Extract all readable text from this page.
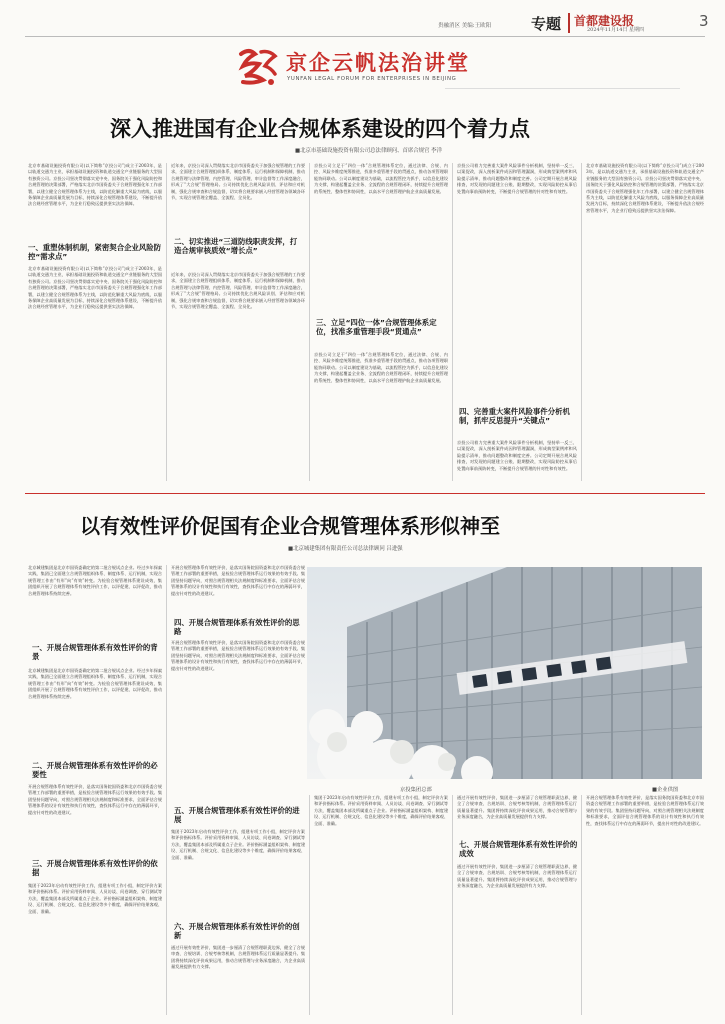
贵融消区 美编:王欧阳	专题 首都建设报
2024年11月14日 星期四	3
京企云帆法治讲堂
YUNFAN LEGAL FORUM FOR ENTERPRISES IN BEIJING
深入推进国有企业合规体系建设的四个着力点
■北京市基础设施投资有限公司总法律顾问、首席合规官 李洋
北京市基础设施投资有限公司(以下简称“京投公司”)成立于2003年，是以轨道交通为主业，承担基础设施投资和轨道交通全产业链服务的大型国有独资公司。京投公司坚决贯彻落实党中央、国务院关于强化风险防控和合规管理的决策部署，严格落实北京市国资委关于合规管理强化年工作部署，以建立健全合规管理体系为主线，以防范化解重大风险为底线，以服务保障企业高质量发展为目标，持续深化合规管理体系建设，不断提升依法合规经营管理水平，为企业行稳致远提供坚实法治保障。
一、重塑体制机制，紧密契合企业风险防控“需求点”
北京市基础设施投资有限公司(以下简称“京投公司”)成立于2003年，是以轨道交通为主业，承担基础设施投资和轨道交通全产业链服务的大型国有独资公司。京投公司坚决贯彻落实党中央、国务院关于强化风险防控和合规管理的决策部署，严格落实北京市国资委关于合规管理强化年工作部署，以建立健全合规管理体系为主线，以防范化解重大风险为底线，以服务保障企业高质量发展为目标，持续深化合规管理体系建设，不断提升依法合规经营管理水平，为企业行稳致远提供坚实法治保障。
近年来，京投公司深入贯彻落实北京市国资委关于加强合规管理的工作要求，全面建立合规管理组织体系、制度体系、运行机制和保障机制，推动合规管理与法律管理、内控管理、风险管理、审计监督等工作深度融合，形成了“大合规”管理格局。公司持续优化合规风险识别、评估和应对机制，强化合规审查和合规监督，切实将合规要求嵌入经营管理各领域各环节，实现合规管理全覆盖、全流程、全员化。
二、切实推进“三道防线职责发挥，打造合规审核质效“增长点”
近年来，京投公司深入贯彻落实北京市国资委关于加强合规管理的工作要求，全面建立合规管理组织体系、制度体系、运行机制和保障机制，推动合规管理与法律管理、内控管理、风险管理、审计监督等工作深度融合，形成了“大合规”管理格局。公司持续优化合规风险识别、评估和应对机制，强化合规审查和合规监督，切实将合规要求嵌入经营管理各领域各环节，实现合规管理全覆盖、全流程、全员化。
京投公司立足于“四位一体”合规管理体系定位，通过法律、合规、内控、风险多维度统筹推进，找准多重管理手段的贯通点，推动各项管理职能协同联动。公司以制度建设为基础，以流程管控为抓手，以信息化建设为支撑，构建起覆盖全业务、全流程的合规管理闭环，持续提升合规管理的系统性、整体性和协同性，以高水平合规管理护航企业高质量发展。
三、立足“四位一体”合规管理体系定位，找准多重管理手段“贯通点”
京投公司立足于“四位一体”合规管理体系定位，通过法律、合规、内控、风险多维度统筹推进，找准多重管理手段的贯通点，推动各项管理职能协同联动。公司以制度建设为基础，以流程管控为抓手，以信息化建设为支撑，构建起覆盖全业务、全流程的合规管理闭环，持续提升合规管理的系统性、整体性和协同性，以高水平合规管理护航企业高质量发展。
京投公司着力完善重大案件风险事件分析机制，坚持举一反三、以案促改，深入剖析案件成因和管理漏洞，形成典型案例库和风险提示清单，推动问题整改和制度完善。公司定期开展合规风险排查，对发现的问题建立台账、限期整改，实现风险防控从事后处置向事前预防转变，不断提升合规管理的针对性和有效性。
四、完善重大案件风险事件分析机制，抓牢反思提升“关键点”
京投公司着力完善重大案件风险事件分析机制，坚持举一反三、以案促改，深入剖析案件成因和管理漏洞，形成典型案例库和风险提示清单，推动问题整改和制度完善。公司定期开展合规风险排查，对发现的问题建立台账、限期整改，实现风险防控从事后处置向事前预防转变，不断提升合规管理的针对性和有效性。
北京市基础设施投资有限公司(以下简称“京投公司”)成立于2003年，是以轨道交通为主业，承担基础设施投资和轨道交通全产业链服务的大型国有独资公司。京投公司坚决贯彻落实党中央、国务院关于强化风险防控和合规管理的决策部署，严格落实北京市国资委关于合规管理强化年工作部署，以建立健全合规管理体系为主线，以防范化解重大风险为底线，以服务保障企业高质量发展为目标，持续深化合规管理体系建设，不断提升依法合规经营管理水平，为企业行稳致远提供坚实法治保障。
以有效性评价促国有企业合规管理体系形似神至
■北京城建集团有限责任公司总法律顾问 吕进强
北京城建集团是北京市国资委确定的第二批合规试点企业。经过多年探索实践，集团已全面建立合规管理组织体系、制度体系、运行机制，实现合规管理工作由“有形”向“有效”转变。为检验合规管理体系建设成效，集团组织开展了合规管理体系有效性评价工作，以评促建、以评促改，推动合规管理体系持续完善。
一、开展合规管理体系有效性评价的背景
北京城建集团是北京市国资委确定的第二批合规试点企业。经过多年探索实践，集团已全面建立合规管理组织体系、制度体系、运行机制，实现合规管理工作由“有形”向“有效”转变。为检验合规管理体系建设成效，集团组织开展了合规管理体系有效性评价工作，以评促建、以评促改，推动合规管理体系持续完善。
二、开展合规管理体系有效性评价的必要性
开展合规管理体系有效性评价，是落实国务院国资委和北京市国资委合规管理工作部署的重要举措，是检验合规管理体系运行效果的有效手段。集团坚持问题导向，对照合规管理相关法规制度和标准要求，全面评估合规管理体系的设计有效性和执行有效性，查找体系运行中存在的薄弱环节，提出针对性的改进建议。
三、开展合规管理体系有效性评价的依据
集团于2023年启动有效性评价工作，组建专项工作小组，制定评价方案和评价指标体系。评价采用资料审阅、人员访谈、问卷调查、穿行测试等方法，覆盖集团本部及所属重点子企业。评价指标涵盖组织架构、制度建设、运行机制、合规文化、信息化建设等多个维度，确保评价结果客观、全面、准确。
开展合规管理体系有效性评价，是落实国务院国资委和北京市国资委合规管理工作部署的重要举措，是检验合规管理体系运行效果的有效手段。集团坚持问题导向，对照合规管理相关法规制度和标准要求，全面评估合规管理体系的设计有效性和执行有效性，查找体系运行中存在的薄弱环节，提出针对性的改进建议。
四、开展合规管理体系有效性评价的思路
开展合规管理体系有效性评价，是落实国务院国资委和北京市国资委合规管理工作部署的重要举措，是检验合规管理体系运行效果的有效手段。集团坚持问题导向，对照合规管理相关法规制度和标准要求，全面评估合规管理体系的设计有效性和执行有效性，查找体系运行中存在的薄弱环节，提出针对性的改进建议。
京投集团总部	■企业供图
五、开展合规管理体系有效性评价的进展
集团于2023年启动有效性评价工作，组建专项工作小组，制定评价方案和评价指标体系。评价采用资料审阅、人员访谈、问卷调查、穿行测试等方法，覆盖集团本部及所属重点子企业。评价指标涵盖组织架构、制度建设、运行机制、合规文化、信息化建设等多个维度，确保评价结果客观、全面、准确。
六、开展合规管理体系有效性评价的创新
通过开展有效性评价，集团进一步厘清了合规管理职责边界，健全了合规审查、合规培训、合规考核等机制，合规管理体系运行质量显著提升。集团将持续深化评价成果运用，推动合规管理与业务深度融合，为企业高质量发展提供有力支撑。
集团于2023年启动有效性评价工作，组建专项工作小组，制定评价方案和评价指标体系。评价采用资料审阅、人员访谈、问卷调查、穿行测试等方法，覆盖集团本部及所属重点子企业。评价指标涵盖组织架构、制度建设、运行机制、合规文化、信息化建设等多个维度，确保评价结果客观、全面、准确。
通过开展有效性评价，集团进一步厘清了合规管理职责边界，健全了合规审查、合规培训、合规考核等机制，合规管理体系运行质量显著提升。集团将持续深化评价成果运用，推动合规管理与业务深度融合，为企业高质量发展提供有力支撑。
七、开展合规管理体系有效性评价的成效
通过开展有效性评价，集团进一步厘清了合规管理职责边界，健全了合规审查、合规培训、合规考核等机制，合规管理体系运行质量显著提升。集团将持续深化评价成果运用，推动合规管理与业务深度融合，为企业高质量发展提供有力支撑。
开展合规管理体系有效性评价，是落实国务院国资委和北京市国资委合规管理工作部署的重要举措，是检验合规管理体系运行效果的有效手段。集团坚持问题导向，对照合规管理相关法规制度和标准要求，全面评估合规管理体系的设计有效性和执行有效性，查找体系运行中存在的薄弱环节，提出针对性的改进建议。
